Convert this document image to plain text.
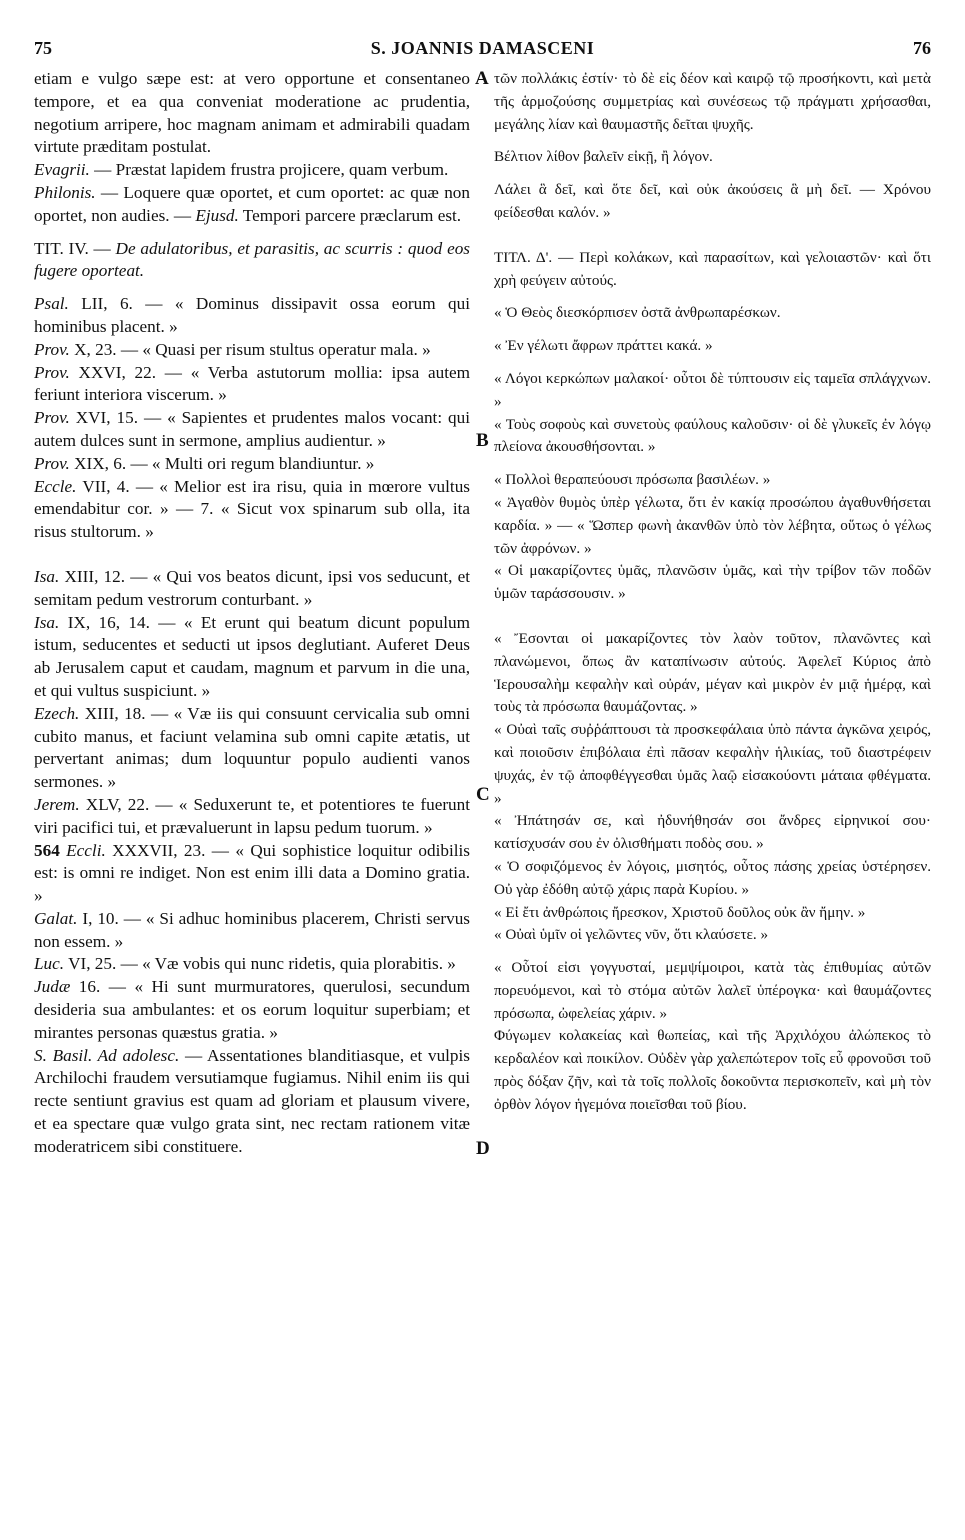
75	S. JOANNIS DAMASCENI	76
A
B
C
D

etiam e vulgo sæpe est: at vero opportune et consentaneo tempore, et ea qua conveniat moderatione ac prudentia, negotium arripere, hoc magnam animam et admirabili quadam virtute præditam postulat.

Evagrii. — Præstat lapidem frustra projicere, quam verbum.

Philonis. — Loquere quæ oportet, et cum oportet: ac quæ non oportet, non audies. — Ejusd. Tempori parcere præclarum est.

TIT. IV. — De adulatoribus, et parasitis, ac scurris : quod eos fugere oporteat.

Psal. LII, 6. — « Dominus dissipavit ossa eorum qui hominibus placent. »

Prov. X, 23. — « Quasi per risum stultus operatur mala. »

Prov. XXVI, 22. — « Verba astutorum mollia: ipsa autem feriunt interiora viscerum. »

Prov. XVI, 15. — « Sapientes et prudentes malos vocant: qui autem dulces sunt in sermone, amplius audientur. »

Prov. XIX, 6. — « Multi ori regum blandiuntur. »

Eccle. VII, 4. — « Melior est ira risu, quia in mœrore vultus emendabitur cor. » — 7. « Sicut vox spinarum sub olla, ita risus stultorum. »

Isa. XIII, 12. — « Qui vos beatos dicunt, ipsi vos seducunt, et semitam pedum vestrorum conturbant. »

Isa. IX, 16, 14. — « Et erunt qui beatum dicunt populum istum, seducentes et seducti ut ipsos deglutiant. Auferet Deus ab Jerusalem caput et caudam, magnum et parvum in die una, et qui vultus suspiciunt. »

Ezech. XIII, 18. — « Væ iis qui consuunt cervicalia sub omni cubito manus, et faciunt velamina sub omni capite ætatis, ut pervertant animas; dum loquuntur populo audienti vanos sermones. »

Jerem. XLV, 22. — « Seduxerunt te, et potentiores te fuerunt viri pacifici tui, et prævaluerunt in lapsu pedum tuorum. »

564 Eccli. XXXVII, 23. — « Qui sophistice loquitur odibilis est: is omni re indiget. Non est enim illi data a Domino gratia. »

Galat. I, 10. — « Si adhuc hominibus placerem, Christi servus non essem. »

Luc. VI, 25. — « Væ vobis qui nunc ridetis, quia plorabitis. »

Judæ 16. — « Hi sunt murmuratores, querulosi, secundum desideria sua ambulantes: et os eorum loquitur superbiam; et mirantes personas quæstus gratia. »

S. Basil. Ad adolesc. — Assentationes blanditiasque, et vulpis Archilochi fraudem versutiamque fugiamus. Nihil enim iis qui recte sentiunt gravius est quam ad gloriam et plausum vivere, et ea spectare quæ vulgo grata sint, nec rectam rationem vitæ moderatricem sibi constituere.

τῶν πολλάκις ἐστίν· τὸ δὲ εἰς δέον καὶ καιρῷ τῷ προσήκοντι, καὶ μετὰ τῆς ἁρμοζούσης συμμετρίας καὶ συνέσεως τῷ πράγματι χρήσασθαι, μεγάλης λίαν καὶ θαυμαστῆς δεῖται ψυχῆς.

Βέλτιον λίθον βαλεῖν εἰκῇ, ἢ λόγον.

Λάλει ἃ δεῖ, καὶ ὅτε δεῖ, καὶ οὐκ ἀκούσεις ἃ μὴ δεῖ. — Χρόνου φείδεσθαι καλόν. »

ΤΙΤΛ. Δ'. — Περὶ κολάκων, καὶ παρασίτων, καὶ γελοιαστῶν· καὶ ὅτι χρὴ φεύγειν αὐτούς.

« Ὁ Θεὸς διεσκόρπισεν ὀστᾶ ἀνθρωπαρέσκων.

« Ἐν γέλωτι ἄφρων πράττει κακά. »

« Λόγοι κερκώπων μαλακοί· οὗτοι δὲ τύπτουσιν εἰς ταμεῖα σπλάγχνων. »

« Τοὺς σοφοὺς καὶ συνετοὺς φαύλους καλοῦσιν· οἱ δὲ γλυκεῖς ἐν λόγῳ πλείονα ἀκουσθήσονται. »

« Πολλοὶ θεραπεύουσι πρόσωπα βασιλέων. »

« Ἀγαθὸν θυμὸς ὑπὲρ γέλωτα, ὅτι ἐν κακίᾳ προσώπου ἀγαθυνθήσεται καρδία. » — « Ὥσπερ φωνὴ ἀκανθῶν ὑπὸ τὸν λέβητα, οὕτως ὁ γέλως τῶν ἀφρόνων. »

« Οἱ μακαρίζοντες ὑμᾶς, πλανῶσιν ὑμᾶς, καὶ τὴν τρίβον τῶν ποδῶν ὑμῶν ταράσσουσιν. »

« Ἔσονται οἱ μακαρίζοντες τὸν λαὸν τοῦτον, πλανῶντες καὶ πλανώμενοι, ὅπως ἂν καταπίνωσιν αὐτούς. Ἀφελεῖ Κύριος ἀπὸ Ἱερουσαλὴμ κεφαλὴν καὶ οὐράν, μέγαν καὶ μικρὸν ἐν μιᾷ ἡμέρᾳ, καὶ τοὺς τὰ πρόσωπα θαυμάζοντας. »

« Οὐαὶ ταῖς συῤῥάπτουσι τὰ προσκεφάλαια ὑπὸ πάντα ἀγκῶνα χειρός, καὶ ποιοῦσιν ἐπιβόλαια ἐπὶ πᾶσαν κεφαλὴν ἡλικίας, τοῦ διαστρέφειν ψυχάς, ἐν τῷ ἀποφθέγγεσθαι ὑμᾶς λαῷ εἰσακούοντι μάταια φθέγματα. »

« Ἠπάτησάν σε, καὶ ἠδυνήθησάν σοι ἄνδρες εἰρηνικοί σου· κατίσχυσάν σου ἐν ὀλισθήματι ποδὸς σου. »

« Ὁ σοφιζόμενος ἐν λόγοις, μισητός, οὗτος πάσης χρείας ὑστέρησεν. Οὐ γὰρ ἐδόθη αὐτῷ χάρις παρὰ Κυρίου. »

« Εἰ ἔτι ἀνθρώποις ἤρεσκον, Χριστοῦ δοῦλος οὐκ ἂν ἤμην. »

« Οὐαὶ ὑμῖν οἱ γελῶντες νῦν, ὅτι κλαύσετε. »

« Οὗτοί εἰσι γογγυσταί, μεμψίμοιροι, κατὰ τὰς ἐπιθυμίας αὐτῶν πορευόμενοι, καὶ τὸ στόμα αὐτῶν λαλεῖ ὑπέρογκα· καὶ θαυμάζοντες πρόσωπα, ὠφελείας χάριν. »

Φύγωμεν κολακείας καὶ θωπείας, καὶ τῆς Ἀρχιλόχου ἀλώπεκος τὸ κερδαλέον καὶ ποικίλον. Οὐδὲν γὰρ χαλεπώτερον τοῖς εὖ φρονοῦσι τοῦ πρὸς δόξαν ζῆν, καὶ τὰ τοῖς πολλοῖς δοκοῦντα περισκοπεῖν, καὶ μὴ τὸν ὀρθὸν λόγον ἡγεμόνα ποιεῖσθαι τοῦ βίου.
